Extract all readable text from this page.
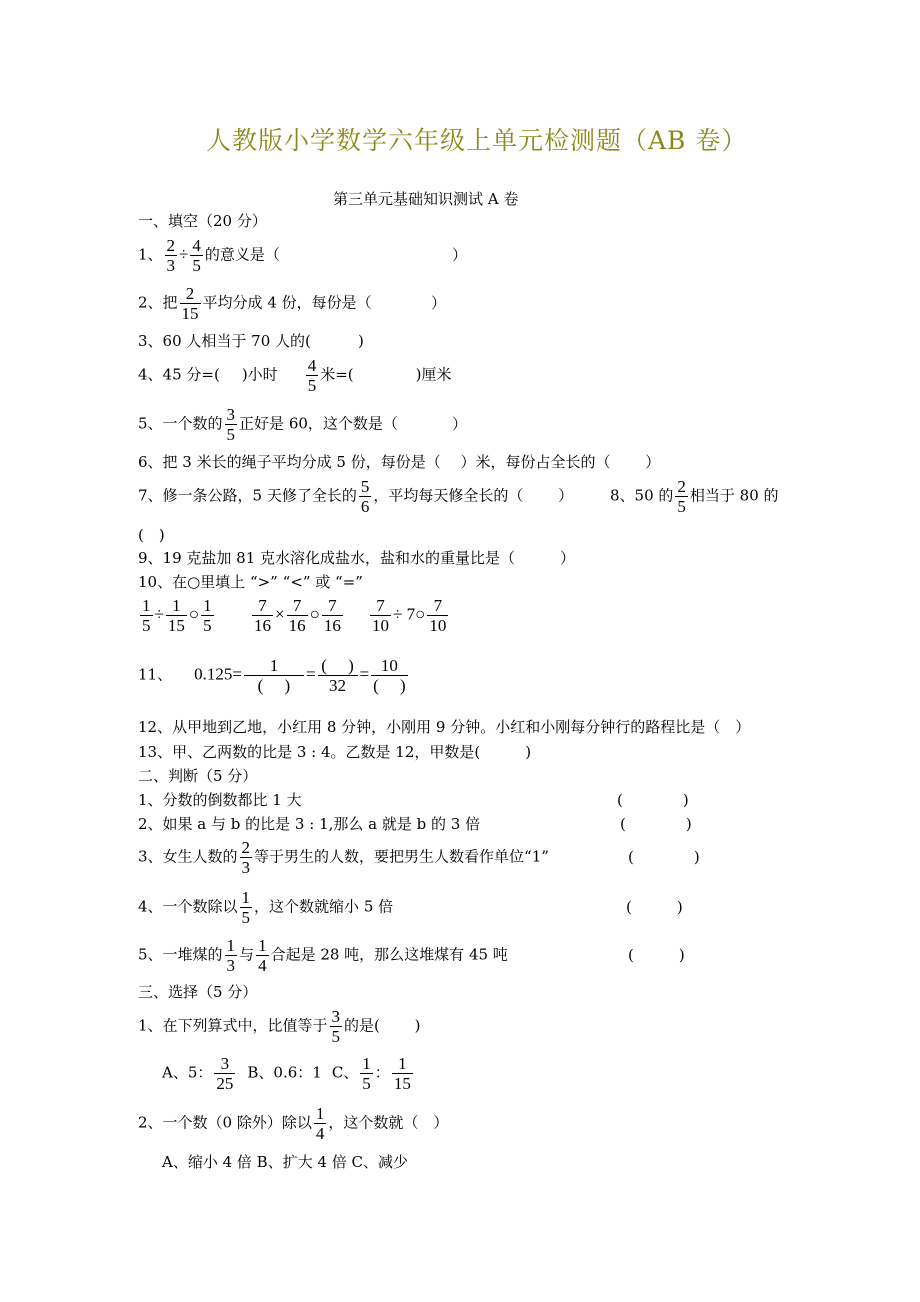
人教版小学数学六年级上单元检测题（AB 卷）
第三单元基础知识测试 A 卷
一、填空（20 分）
1、 $\frac{2}{3} \div \frac{4}{5}$ 的意义是（	）
2、把 $\frac{2}{15}$ 平均分成 4 份，每份是（	）
3、60 人相当于 70 人的(	)
4、45 分=( )小时 $\frac{4}{5}$ 米=(	)厘米
5、一个数的 $\frac{3}{5}$ 正好是 60，这个数是（	）
6、把 3 米长的绳子平均分成 5 份，每份是（　 ）米，每份占全长的（　　 ）
7、修一条公路，5 天修了全长的 $\frac{5}{6}$ ，平均每天修全长的（　　 ） 8、50 的 $\frac{2}{5}$ 相当于 80 的
(　)
9、19 克盐加 81 克水溶化成盐水，盐和水的重量比是（　　　）
10、在○里填上 “>” “<” 或 “=”
$\frac{1}{5} \div \frac{1}{15}$ ○ $\frac{1}{5} \frac{7}{16} \times \frac{7}{16}$ ○ $\frac{7}{16} \frac{7}{10}$ ÷ 7○ $\frac{7}{10}$
11、 $0.125= \frac{1}{( )} = \frac{( )}{32} = \frac{10}{( )}$
12、从甲地到乙地，小红用 8 分钟，小刚用 9 分钟。小红和小刚每分钟行的路程比是（　）
13、甲、乙两数的比是 3 : 4。乙数是 12，甲数是(　　　)
二、判断（5 分）
1、分数的倒数都比 1 大	(　　　　)
2、如果 a 与 b 的比是 3 : 1,那么 a 就是 b 的 3 倍	(　　　　)
3、女生人数的 $\frac{2}{3}$ 等于男生的人数，要把男生人数看作单位“1”	(　　　　)
4、一个数除以 $\frac{1}{5}$ ，这个数就缩小 5 倍	(　　　)
5、一堆煤的 $\frac{1}{3}$ 与 $\frac{1}{4}$ 合起是 28 吨，那么这堆煤有 45 吨	(　　　)
三、选择（5 分）
1、在下列算式中，比值等于 $\frac{3}{5}$ 的是(　　 )
A、5： $\frac{3}{25}$ B、0.6：1 C、 $\frac{1}{5}$ ： $\frac{1}{15}$
2、一个数（0 除外）除以 $\frac{1}{4}$ ，这个数就（　）
A、缩小 4 倍 B、扩大 4 倍 C、减少
